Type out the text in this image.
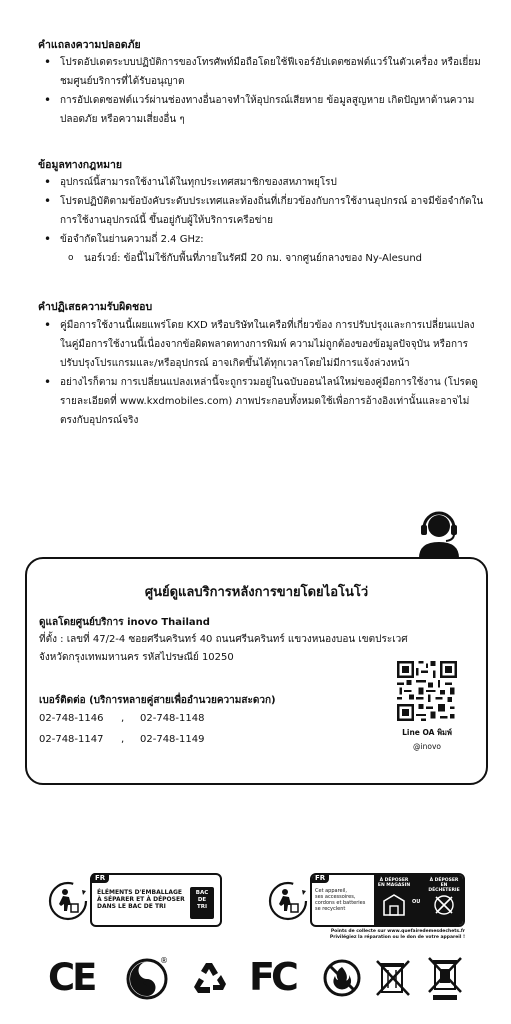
คำแถลงความปลอดภัย
• โปรดอัปเดตระบบปฏิบัติการของโทรศัพท์มือถือโดยใช้ฟีเจอร์อัปเดตซอฟต์แวร์ในตัวเครื่อง หรือเยี่ยมชมศูนย์บริการที่ได้รับอนุญาต
• การอัปเดตซอฟต์แวร์ผ่านช่องทางอื่นอาจทำให้อุปกรณ์เสียหาย ข้อมูลสูญหาย เกิดปัญหาด้านความปลอดภัย หรือความเสี่ยงอื่น ๆ
ข้อมูลทางกฎหมาย
• อุปกรณ์นี้สามารถใช้งานได้ในทุกประเทศสมาชิกของสหภาพยุโรป
• โปรดปฏิบัติตามข้อบังคับระดับประเทศและท้องถิ่นที่เกี่ยวข้องกับการใช้งานอุปกรณ์ อาจมีข้อจำกัดในการใช้งานอุปกรณ์นี้ ขึ้นอยู่กับผู้ให้บริการเครือข่าย
• ข้อจำกัดในย่านความถี่ 2.4 GHz:
o นอร์เวย์: ข้อนี้ไม่ใช้กับพื้นที่ภายในรัศมี 20 กม. จากศูนย์กลางของ Ny-Alesund
คำปฏิเสธความรับผิดชอบ
• คู่มือการใช้งานนี้เผยแพร่โดย KXD หรือบริษัทในเครือที่เกี่ยวข้อง การปรับปรุงและการเปลี่ยนแปลงในคู่มือการใช้งานนี้เนื่องจากข้อผิดพลาดทางการพิมพ์ ความไม่ถูกต้องของข้อมูลปัจจุบัน หรือการปรับปรุงโปรแกรมและ/หรืออุปกรณ์ อาจเกิดขึ้นได้ทุกเวลาโดยไม่มีการแจ้งล่วงหน้า
• อย่างไรก็ตาม การเปลี่ยนแปลงเหล่านี้จะถูกรวมอยู่ในฉบับออนไลน์ใหม่ของคู่มือการใช้งาน (โปรดดูรายละเอียดที่ www.kxdmobiles.com) ภาพประกอบทั้งหมดใช้เพื่อการอ้างอิงเท่านั้นและอาจไม่ตรงกับอุปกรณ์จริง
ศูนย์ดูแลบริการหลังการขายโดยไอโนโว่

ดูแลโดยศูนย์บริการ inovo Thailand

ที่ตั้ง : เลขที่ 47/2-4 ซอยศรีนครินทร์ 40 ถนนศรีนครินทร์ แขวงหนองบอน เขตประเวศ

จังหวัดกรุงเทพมหานคร รหัสไปรษณีย์ 10250

เบอร์ติดต่อ (บริการหลายคู่สายเพื่ออำนวยความสะดวก)

02-748-1146 , 02-748-1148
02-748-1147 , 02-748-1149

Line OA พิมพ์

@inovo

FR
ÉLÉMENTS D'EMBALLAGE
À SÉPARER ET À DÉPOSER
DANS LE BAC DE TRI
BAC
DE
TRI
FR
Cet appareil,
ses accessoires,
cordons et batteries
se recyclent
À DÉPOSER
EN MAGASIN
OU
À DÉPOSER
EN DÉCHETERIE
Points de collecte sur www.quefairedemesdechets.fr
Privilégiez la réparation ou le don de votre appareil !
CE	® FC
